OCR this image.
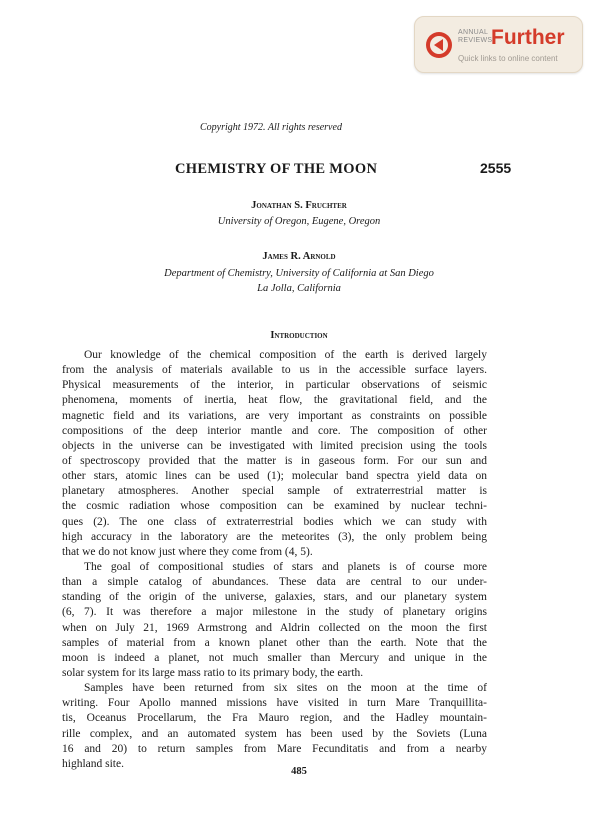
ANNUAL
REVIEWS
Further
Quick links to online content
Copyright 1972. All rights reserved
CHEMISTRY OF THE MOON	2555
Jonathan S. Fruchter
University of Oregon, Eugene, Oregon
James R. Arnold
Department of Chemistry, University of California at San Diego
La Jolla, California
Introduction
Our knowledge of the chemical composition of the earth is derived largely
from the analysis of materials available to us in the accessible surface layers.
Physical measurements of the interior, in particular observations of seismic
phenomena, moments of inertia, heat flow, the gravitational field, and the
magnetic field and its variations, are very important as constraints on possible
compositions of the deep interior mantle and core. The composition of other
objects in the universe can be investigated with limited precision using the tools
of spectroscopy provided that the matter is in gaseous form. For our sun and
other stars, atomic lines can be used (1); molecular band spectra yield data on
planetary atmospheres. Another special sample of extraterrestrial matter is
the cosmic radiation whose composition can be examined by nuclear techni-
ques (2). The one class of extraterrestrial bodies which we can study with
high accuracy in the laboratory are the meteorites (3), the only problem being
that we do not know just where they come from (4, 5).
The goal of compositional studies of stars and planets is of course more
than a simple catalog of abundances. These data are central to our under-
standing of the origin of the universe, galaxies, stars, and our planetary system
(6, 7). It was therefore a major milestone in the study of planetary origins
when on July 21, 1969 Armstrong and Aldrin collected on the moon the first
samples of material from a known planet other than the earth. Note that the
moon is indeed a planet, not much smaller than Mercury and unique in the
solar system for its large mass ratio to its primary body, the earth.
Samples have been returned from six sites on the moon at the time of
writing. Four Apollo manned missions have visited in turn Mare Tranquillita-
tis, Oceanus Procellarum, the Fra Mauro region, and the Hadley mountain-
rille complex, and an automated system has been used by the Soviets (Luna
16 and 20) to return samples from Mare Fecunditatis and from a nearby
highland site.
485
